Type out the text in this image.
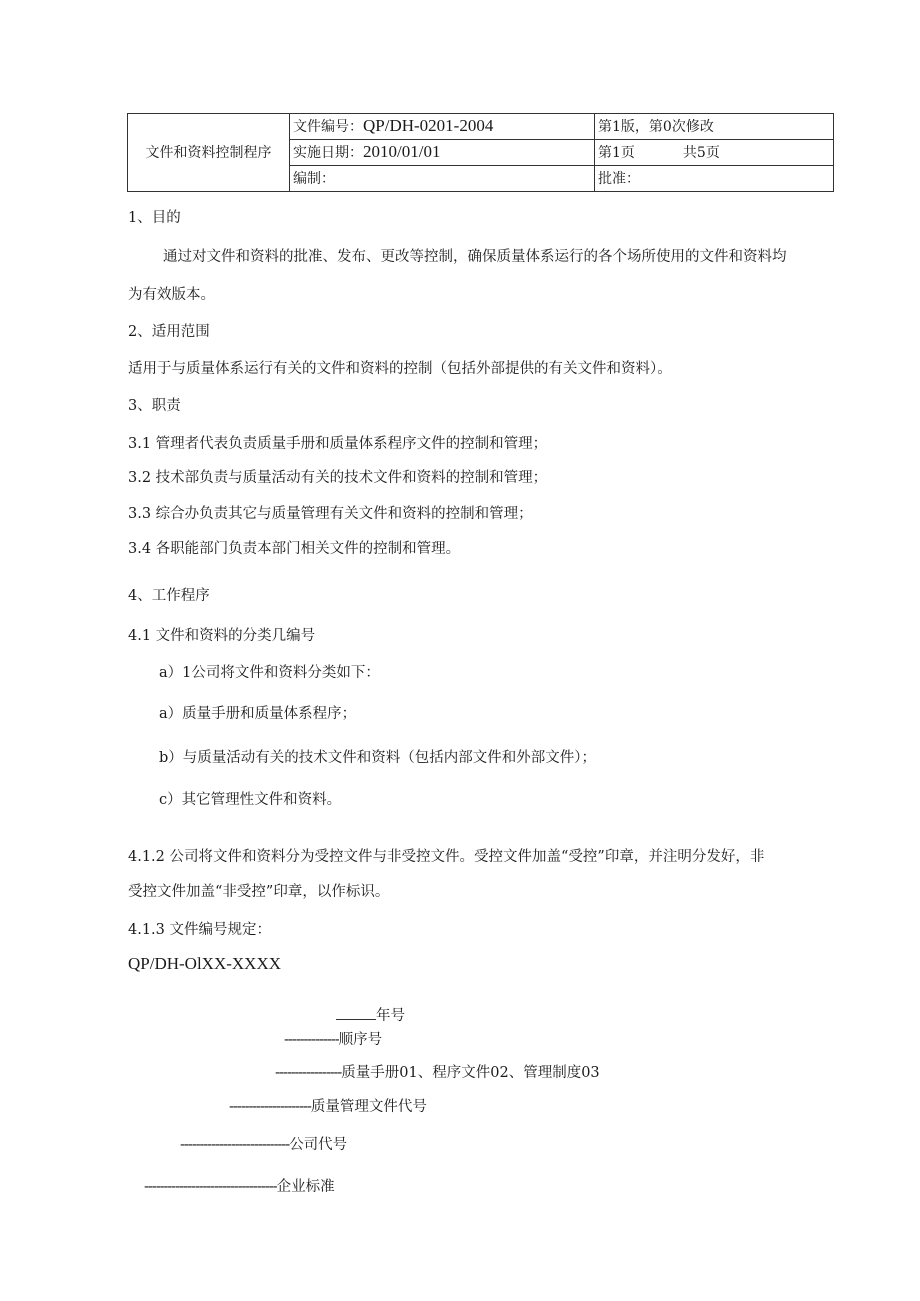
文件和资料控制程序	文件编号：QP/DH-0201-2004	第1版，第0次修改
	实施日期：2010/01/01	第1页 共5页
	编制：	批准：
1、目的
通过对文件和资料的批准、发布、更改等控制，确保质量体系运行的各个场所使用的文件和资料均
为有效版本。
2、适用范围
适用于与质量体系运行有关的文件和资料的控制（包括外部提供的有关文件和资料）。
3、职责
3.1 管理者代表负责质量手册和质量体系程序文件的控制和管理；
3.2 技术部负责与质量活动有关的技术文件和资料的控制和管理；
3.3 综合办负责其它与质量管理有关文件和资料的控制和管理；
3.4 各职能部门负责本部门相关文件的控制和管理。
4、工作程序
4.1 文件和资料的分类几编号
a）1公司将文件和资料分类如下：
a）质量手册和质量体系程序；
b）与质量活动有关的技术文件和资料（包括内部文件和外部文件）；
c）其它管理性文件和资料。
4.1.2 公司将文件和资料分为受控文件与非受控文件。受控文件加盖“受控”印章，并注明分发好，非
受控文件加盖“非受控”印章，以作标识。
4.1.3 文件编号规定：
QP/DH-OlXX-XXXX
年号
--------------顺序号
-----------------质量手册01、程序文件02、管理制度03
---------------------质量管理文件代号
----------------------------公司代号
----------------------------------企业标准
